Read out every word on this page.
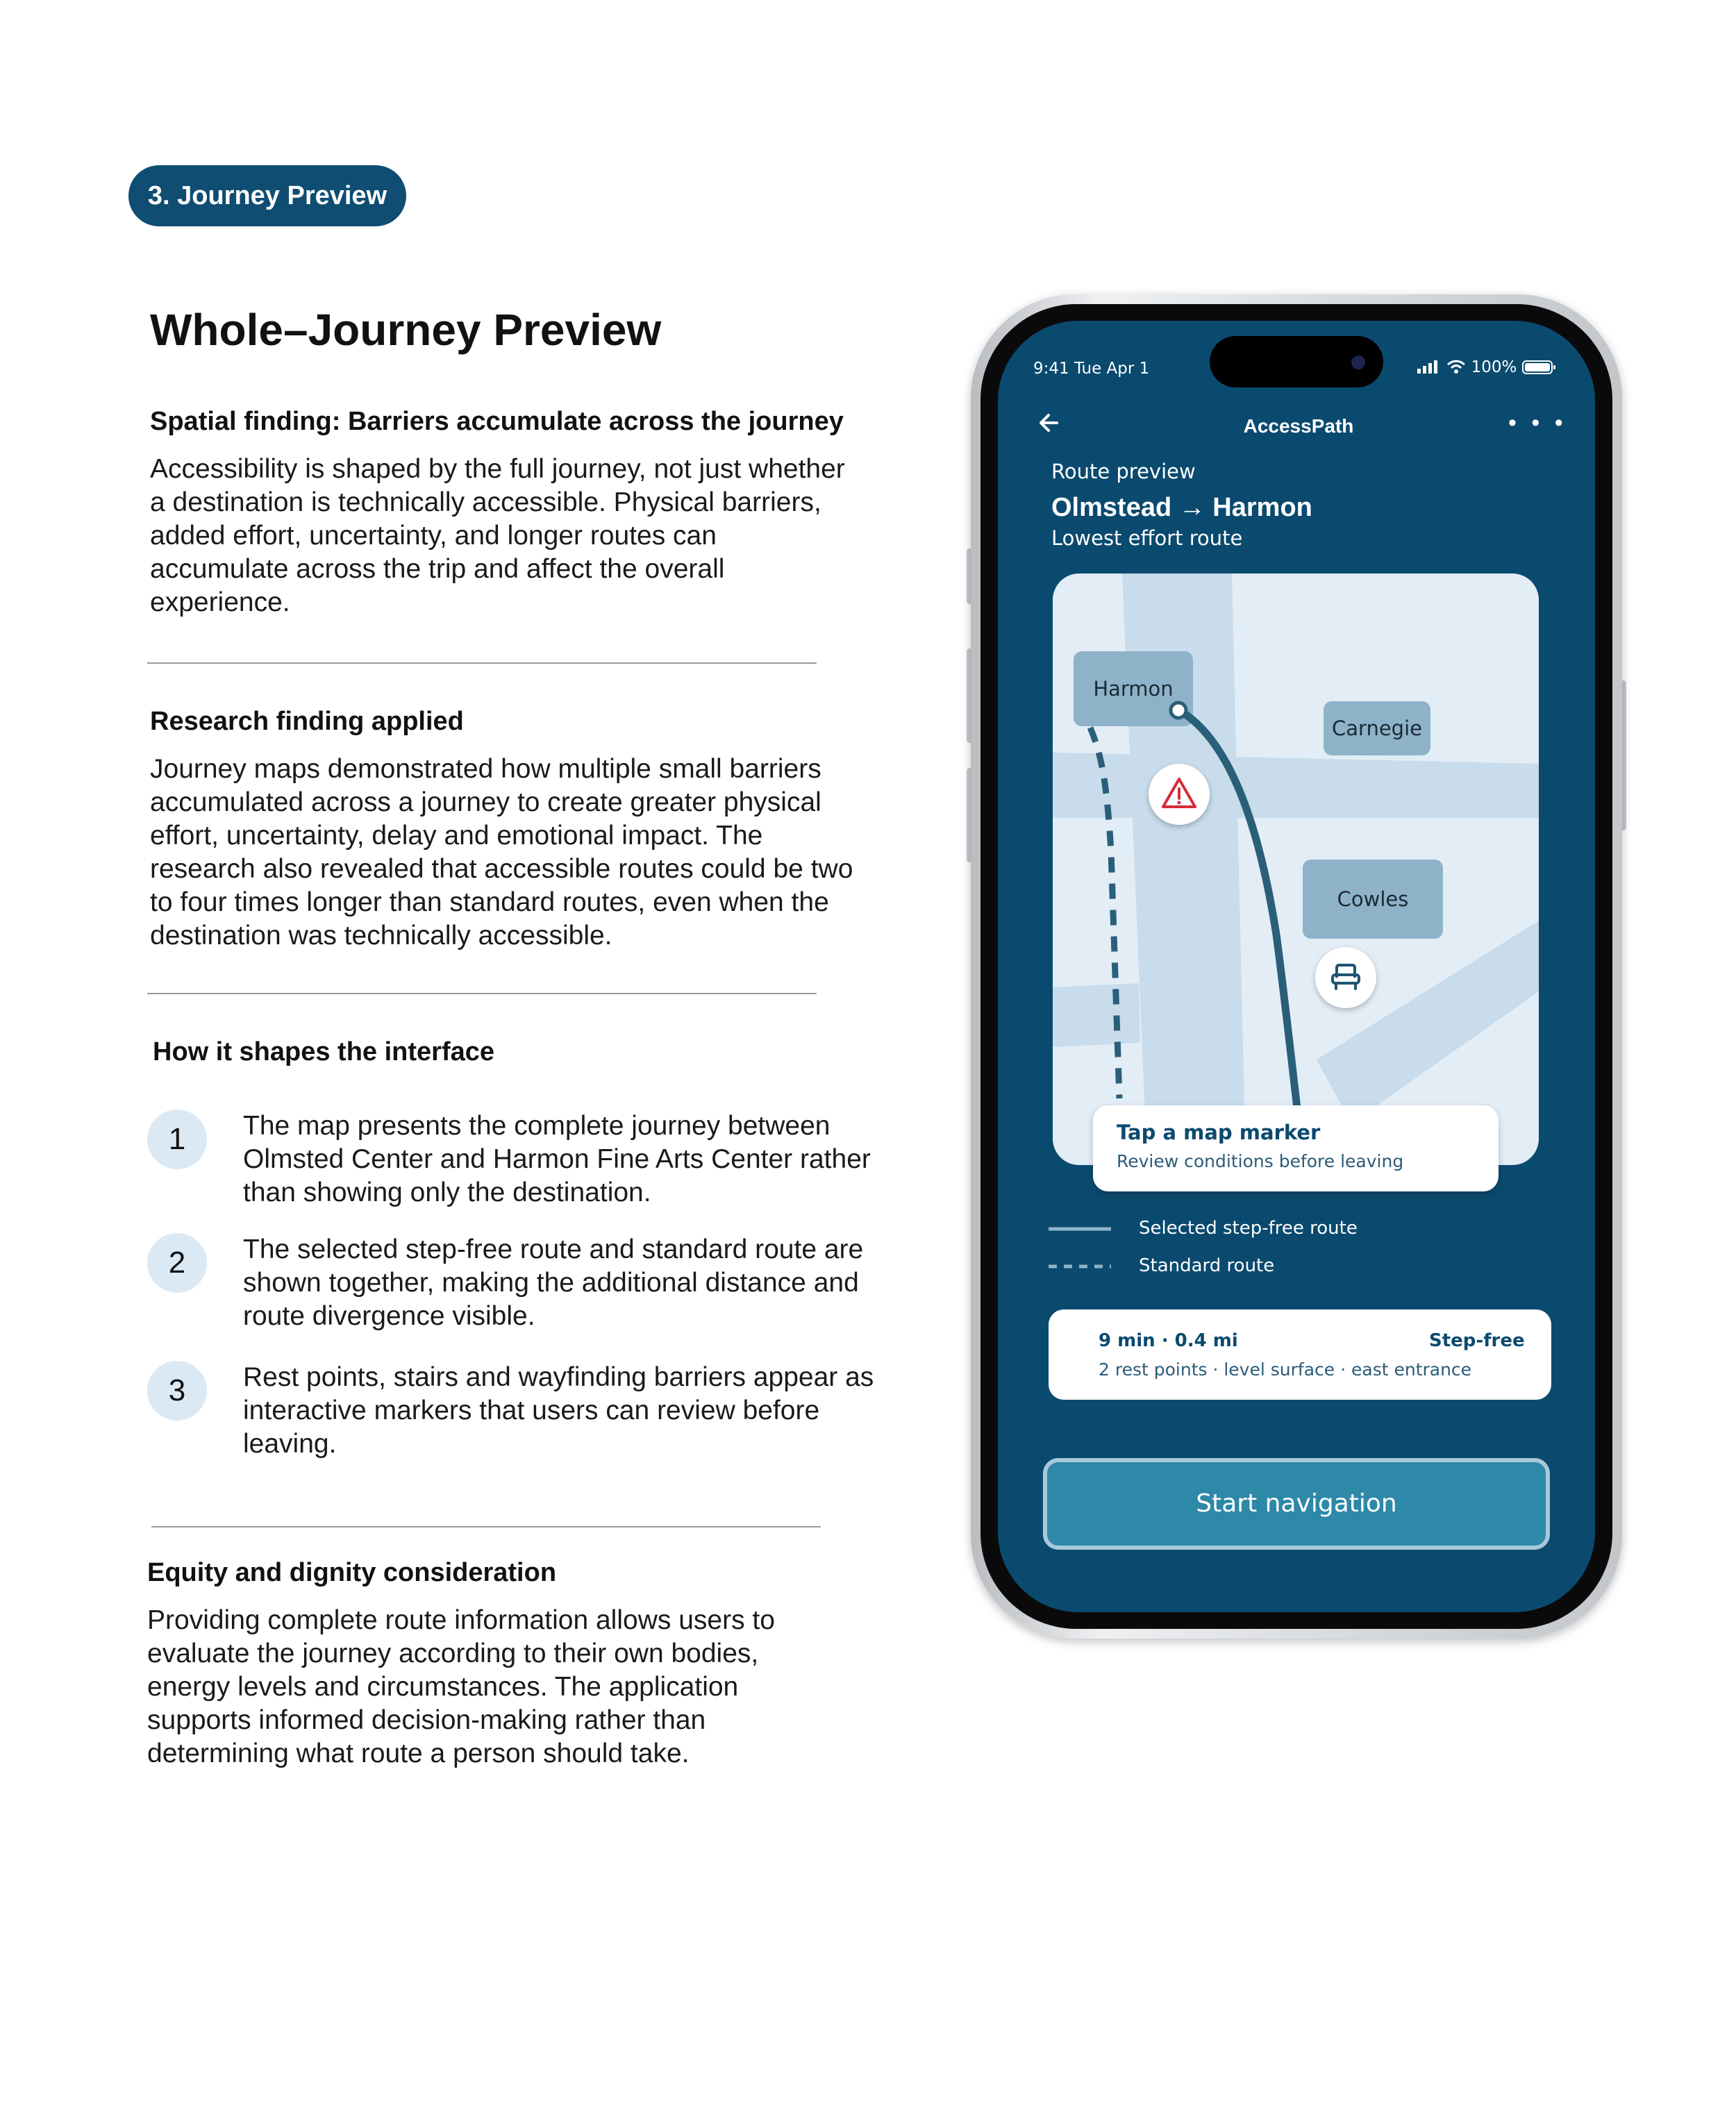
3. Journey Preview
Whole–Journey Preview
Spatial finding: Barriers accumulate across the journey
Accessibility is shaped by the full journey, not just whether a destination is technically accessible. Physical barriers, added effort, uncertainty, and longer routes can accumulate across the trip and affect the overall experience.
Research finding applied
Journey maps demonstrated how multiple small barriers accumulated across a journey to create greater physical effort, uncertainty, delay and emotional impact. The research also revealed that accessible routes could be two to four times longer than standard routes, even when the destination was technically accessible.
How it shapes the interface
1	The map presents the complete journey between Olmsted Center and Harmon Fine Arts Center rather than showing only the destination.
2	The selected step-free route and standard route are shown together, making the additional distance and route divergence visible.
3	Rest points, stairs and wayfinding barriers appear as interactive markers that users can review before leaving.
Equity and dignity consideration
Providing complete route information allows users to evaluate the journey according to their own bodies, energy levels and circumstances. The application supports informed decision-making rather than determining what route a person should take.
9:41 Tue Apr 1	100%
AccessPath	• • •
Route preview
Olmstead → Harmon
Lowest effort route
Harmon
Carnegie
Cowles
Tap a map marker
Review conditions before leaving
Selected step-free route
Standard route
9 min · 0.4 mi	Step-free
2 rest points · level surface · east entrance
Start navigation
